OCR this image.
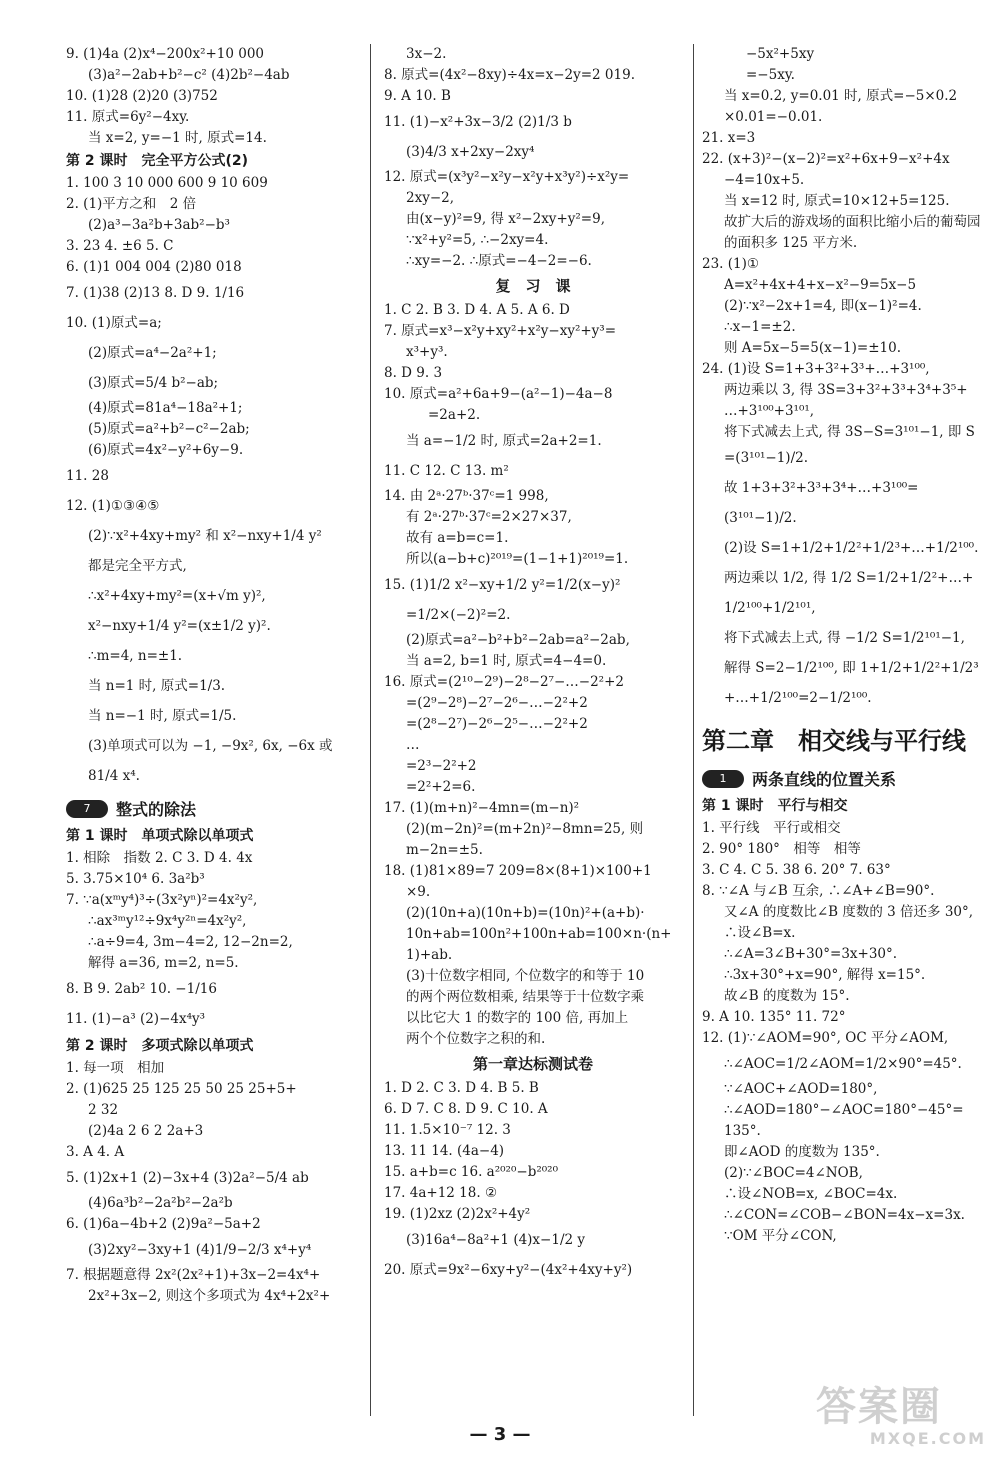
9. (1)4a (2)x⁴−200x²+10 000
(3)a²−2ab+b²−c² (4)2b²−4ab
10. (1)28 (2)20 (3)752
11. 原式=6y²−4xy.
当 x=2, y=−1 时, 原式=14.
第 2 课时　完全平方公式(2)
1. 100 3 10 000 600 9 10 609
2. (1)平方之和　2 倍
(2)a³−3a²b+3ab²−b³
3. 23 4. ±6 5. C
6. (1)1 004 004 (2)80 018
7. (1)38 (2)13 8. D 9. 1/16
10. (1)原式=a;
(2)原式=a⁴−2a²+1;
(3)原式=5/4 b²−ab;
(4)原式=81a⁴−18a²+1;
(5)原式=a²+b²−c²−2ab;
(6)原式=4x²−y²+6y−9.
11. 28
12. (1)①③④⑤
(2)∵x²+4xy+my² 和 x²−nxy+1/4 y²
都是完全平方式,
∴x²+4xy+my²=(x+√m y)²,
x²−nxy+1/4 y²=(x±1/2 y)².
∴m=4, n=±1.
当 n=1 时, 原式=1/3.
当 n=−1 时, 原式=1/5.
(3)单项式可以为 −1, −9x², 6x, −6x 或
81/4 x⁴.
7	整式的除法
第 1 课时　单项式除以单项式
1. 相除　指数 2. C 3. D 4. 4x
5. 3.75×10⁴ 6. 3a²b³
7. ∵a(xᵐy⁴)³÷(3x²yⁿ)²=4x²y²,
∴ax³ᵐy¹²÷9x⁴y²ⁿ=4x²y²,
∴a÷9=4, 3m−4=2, 12−2n=2,
解得 a=36, m=2, n=5.
8. B 9. 2ab² 10. −1/16
11. (1)−a³ (2)−4x⁴y³
第 2 课时　多项式除以单项式
1. 每一项　相加
2. (1)625 25 125 25 50 25 25+5+
2 32
(2)4a 2 6 2 2a+3
3. A 4. A
5. (1)2x+1 (2)−3x+4 (3)2a²−5/4 ab
(4)6a³b²−2a²b²−2a²b
6. (1)6a−4b+2 (2)9a²−5a+2
(3)2xy²−3xy+1 (4)1/9−2/3 x⁴+y⁴
7. 根据题意得 2x²(2x²+1)+3x−2=4x⁴+
2x²+3x−2, 则这个多项式为 4x⁴+2x²+
3x−2.
8. 原式=(4x²−8xy)÷4x=x−2y=2 019.
9. A 10. B
11. (1)−x²+3x−3/2 (2)1/3 b
(3)4/3 x+2xy−2xy⁴
12. 原式=(x³y²−x²y−x²y+x³y²)÷x²y=
2xy−2,
由(x−y)²=9, 得 x²−2xy+y²=9,
∵x²+y²=5, ∴−2xy=4.
∴xy=−2. ∴原式=−4−2=−6.
复　习　课
1. C 2. B 3. D 4. A 5. A 6. D
7. 原式=x³−x²y+xy²+x²y−xy²+y³=
x³+y³.
8. D 9. 3
10. 原式=a²+6a+9−(a²−1)−4a−8
=2a+2.
当 a=−1/2 时, 原式=2a+2=1.
11. C 12. C 13. m²
14. 由 2ᵃ·27ᵇ·37ᶜ=1 998,
有 2ᵃ·27ᵇ·37ᶜ=2×27×37,
故有 a=b=c=1.
所以(a−b+c)²⁰¹⁹=(1−1+1)²⁰¹⁹=1.
15. (1)1/2 x²−xy+1/2 y²=1/2(x−y)²
=1/2×(−2)²=2.
(2)原式=a²−b²+b²−2ab=a²−2ab,
当 a=2, b=1 时, 原式=4−4=0.
16. 原式=(2¹⁰−2⁹)−2⁸−2⁷−…−2²+2
=(2⁹−2⁸)−2⁷−2⁶−…−2²+2
=(2⁸−2⁷)−2⁶−2⁵−…−2²+2
…
=2³−2²+2
=2²+2=6.
17. (1)(m+n)²−4mn=(m−n)²
(2)(m−2n)²=(m+2n)²−8mn=25, 则
m−2n=±5.
18. (1)81×89=7 209=8×(8+1)×100+1
×9.
(2)(10n+a)(10n+b)=(10n)²+(a+b)·
10n+ab=100n²+100n+ab=100×n·(n+
1)+ab.
(3)十位数字相同, 个位数字的和等于 10
的两个两位数相乘, 结果等于十位数字乘
以比它大 1 的数字的 100 倍, 再加上
两个个位数字之积的和.
第一章达标测试卷
1. D 2. C 3. D 4. B 5. B
6. D 7. C 8. D 9. C 10. A
11. 1.5×10⁻⁷ 12. 3
13. 11 14. (4a−4)
15. a+b=c 16. a²⁰²⁰−b²⁰²⁰
17. 4a+12 18. ②
19. (1)2xz (2)2x²+4y²
(3)16a⁴−8a²+1 (4)x−1/2 y
20. 原式=9x²−6xy+y²−(4x²+4xy+y²)
−5x²+5xy
=−5xy.
当 x=0.2, y=0.01 时, 原式=−5×0.2
×0.01=−0.01.
21. x=3
22. (x+3)²−(x−2)²=x²+6x+9−x²+4x
−4=10x+5.
当 x=12 时, 原式=10×12+5=125.
故扩大后的游戏场的面积比缩小后的葡萄园
的面积多 125 平方米.
23. (1)①
A=x²+4x+4+x−x²−9=5x−5
(2)∵x²−2x+1=4, 即(x−1)²=4.
∴x−1=±2.
则 A=5x−5=5(x−1)=±10.
24. (1)设 S=1+3+3²+3³+…+3¹⁰⁰,
两边乘以 3, 得 3S=3+3²+3³+3⁴+3⁵+
…+3¹⁰⁰+3¹⁰¹,
将下式减去上式, 得 3S−S=3¹⁰¹−1, 即 S
=(3¹⁰¹−1)/2.
故 1+3+3²+3³+3⁴+…+3¹⁰⁰=
(3¹⁰¹−1)/2.
(2)设 S=1+1/2+1/2²+1/2³+…+1/2¹⁰⁰.
两边乘以 1/2, 得 1/2 S=1/2+1/2²+…+
1/2¹⁰⁰+1/2¹⁰¹,
将下式减去上式, 得 −1/2 S=1/2¹⁰¹−1,
解得 S=2−1/2¹⁰⁰, 即 1+1/2+1/2²+1/2³
+…+1/2¹⁰⁰=2−1/2¹⁰⁰.
第二章　相交线与平行线
1	两条直线的位置关系
第 1 课时　平行与相交
1. 平行线　平行或相交
2. 90° 180°　相等　相等
3. C 4. C 5. 38 6. 20° 7. 63°
8. ∵∠A 与∠B 互余, ∴∠A+∠B=90°.
又∠A 的度数比∠B 度数的 3 倍还多 30°,
∴设∠B=x.
∴∠A=3∠B+30°=3x+30°.
∴3x+30°+x=90°, 解得 x=15°.
故∠B 的度数为 15°.
9. A 10. 135° 11. 72°
12. (1)∵∠AOM=90°, OC 平分∠AOM,
∴∠AOC=1/2∠AOM=1/2×90°=45°.
∵∠AOC+∠AOD=180°,
∴∠AOD=180°−∠AOC=180°−45°=
135°.
即∠AOD 的度数为 135°.
(2)∵∠BOC=4∠NOB,
∴设∠NOB=x, ∠BOC=4x.
∴∠CON=∠COB−∠BON=4x−x=3x.
∵OM 平分∠CON,
— 3 —
答案圈
MXQE.COM
